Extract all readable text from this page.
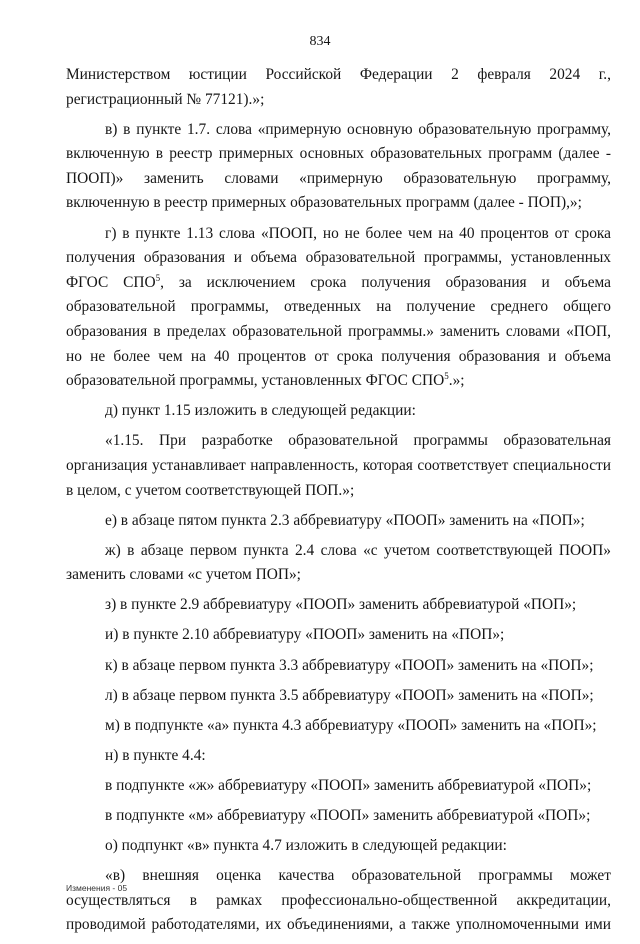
834

Министерством юстиции Российской Федерации 2 февраля 2024 г., регистрационный № 77121).»;

в) в пункте 1.7. слова «примерную основную образовательную программу, включенную в реестр примерных основных образовательных программ (далее - ПООП)» заменить словами «примерную образовательную программу, включенную в реестр примерных образовательных программ (далее - ПОП),»;

г) в пункте 1.13 слова «ПООП, но не более чем на 40 процентов от срока получения образования и объема образовательной программы, установленных ФГОС СПО$^5$, за исключением срока получения образования и объема образовательной программы, отведенных на получение среднего общего образования в пределах образовательной программы.» заменить словами «ПОП, но не более чем на 40 процентов от срока получения образования и объема образовательной программы, установленных ФГОС СПО$^5$.»;

д) пункт 1.15 изложить в следующей редакции:

«1.15. При разработке образовательной программы образовательная организация устанавливает направленность, которая соответствует специальности в целом, с учетом соответствующей ПОП.»;

е) в абзаце пятом пункта 2.3 аббревиатуру «ПООП» заменить на «ПОП»;

ж) в абзаце первом пункта 2.4 слова «с учетом соответствующей ПООП» заменить словами «с учетом ПОП»;

з) в пункте 2.9 аббревиатуру «ПООП» заменить аббревиатурой «ПОП»;

и) в пункте 2.10 аббревиатуру «ПООП» заменить на «ПОП»;

к) в абзаце первом пункта 3.3 аббревиатуру «ПООП» заменить на «ПОП»;

л) в абзаце первом пункта 3.5 аббревиатуру «ПООП» заменить на «ПОП»;

м) в подпункте «а» пункта 4.3 аббревиатуру «ПООП» заменить на «ПОП»;

н) в пункте 4.4:

в подпункте «ж» аббревиатуру «ПООП» заменить аббревиатурой «ПОП»;

в подпункте «м» аббревиатуру «ПООП» заменить аббревиатурой «ПОП»;

о) подпункт «в» пункта 4.7 изложить в следующей редакции:

«в) внешняя оценка качества образовательной программы может осуществляться в рамках профессионально-общественной аккредитации, проводимой работодателями, их объединениями, а также уполномоченными ими

Изменения - 05
